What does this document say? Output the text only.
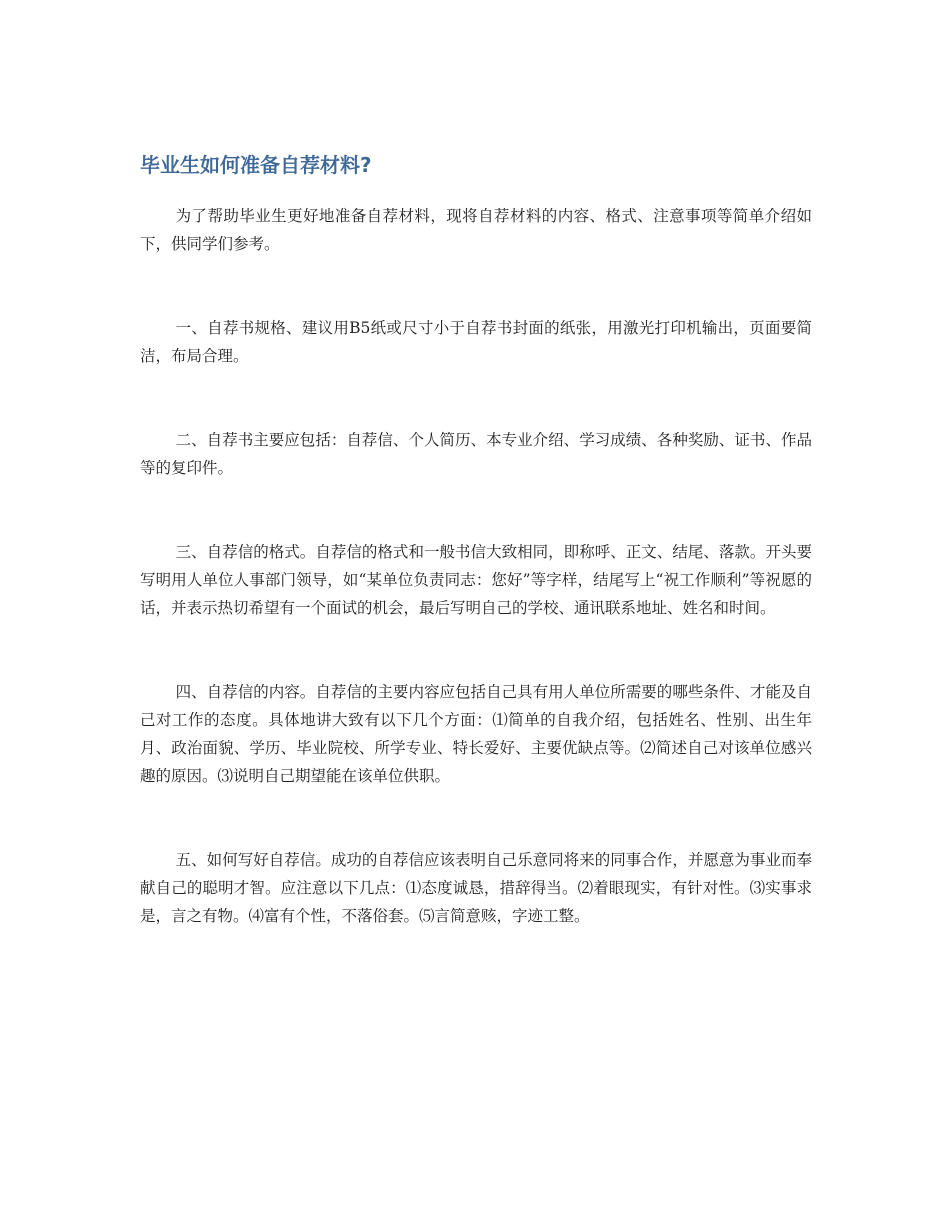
毕业生如何准备自荐材料?

为了帮助毕业生更好地准备自荐材料，现将自荐材料的内容、格式、注意事项等简单介绍如下，供同学们参考。

一、自荐书规格、建议用B5纸或尺寸小于自荐书封面的纸张，用激光打印机输出，页面要简洁，布局合理。

二、自荐书主要应包括：自荐信、个人简历、本专业介绍、学习成绩、各种奖励、证书、作品等的复印件。

三、自荐信的格式。自荐信的格式和一般书信大致相同，即称呼、正文、结尾、落款。开头要写明用人单位人事部门领导，如“某单位负责同志：您好”等字样，结尾写上“祝工作顺利”等祝愿的话，并表示热切希望有一个面试的机会，最后写明自己的学校、通讯联系地址、姓名和时间。

四、自荐信的内容。自荐信的主要内容应包括自己具有用人单位所需要的哪些条件、才能及自己对工作的态度。具体地讲大致有以下几个方面：⑴简单的自我介绍，包括姓名、性别、出生年月、政治面貌、学历、毕业院校、所学专业、特长爱好、主要优缺点等。⑵简述自己对该单位感兴趣的原因。⑶说明自己期望能在该单位供职。

五、如何写好自荐信。成功的自荐信应该表明自己乐意同将来的同事合作，并愿意为事业而奉献自己的聪明才智。应注意以下几点：⑴态度诚恳，措辞得当。⑵着眼现实，有针对性。⑶实事求是，言之有物。⑷富有个性，不落俗套。⑸言简意赅，字迹工整。
